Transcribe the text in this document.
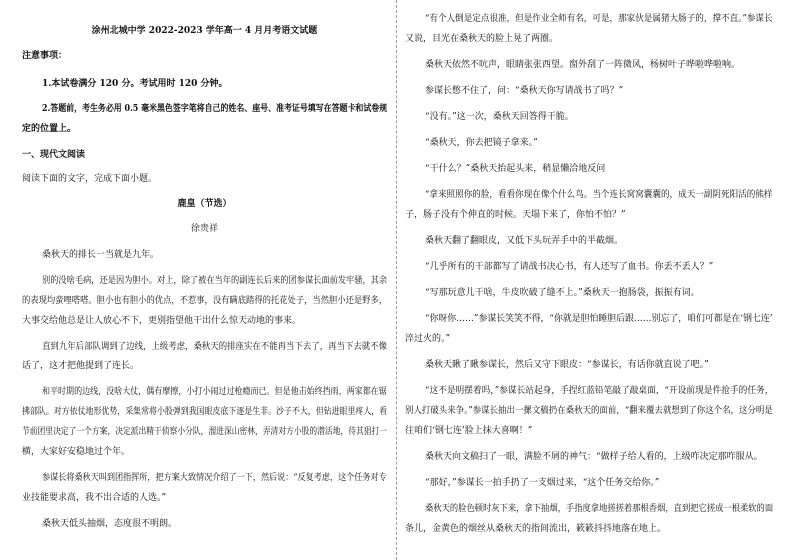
涂州北城中学 2022-2023 学年高一 4 月月考语文试题
注意事项：
1.本试卷满分 120 分。考试用时 120 分钟。
2.答题前，考生务必用 0.5 毫米黑色签字笔将自己的姓名、座号、准考证号填写在答题卡和试卷规
定的位置上。
一、现代文阅读
阅读下面的文字，完成下面小题。
鹿皇（节选）
徐贵祥
桑秋天的排长一当就是九年。
别的没啥毛病，还是因为胆小。对上，除了被在当年的副连长后来的团参谋长面前发牢骚，其余
的表现均蛮哩嗒嗒。胆小也有胆小的优点，不惹事，没有瞒底踏得的托花处子，当然胆小还是野多，
大事交给他总是让人放心不下，更别指望他干出什么惊天动地的事来。
直到九年后部队调到了边线，上级考虑，桑秋天的排座实在不能再当下去了，再当下去就不像
话了，这才把他提到了连长。
和平时期的边线，没啥大仗，偶有摩擦，小打小闹过过枪瘾而已。但是他击始终挡雨，两家都在锯
拂部队。对方依仗地形优势，采集常将小股弹到我国眼皮底下逐是生非。沙子不大，但钻进眼里疼人，看
节前团里决定了一个方案，决定派出精干侦察小分队，溜进深山密林，弄清对方小股的潜活地，待其猖打一
横，大家好安稳地过个年。
参谋长将桑秋天叫到团指挥所，把方案大致情况介绍了一下，然后说：“反复考虑，这个任务对专
业技能要求高，我不出合适的人选。”
桑秋天低头抽烟，态度很不明朗。
“有个人倒是定点很准，但是作业全师有名，可是，那家伙是属猪大肠子的，撑不直。”参谋长
又说，目光在桑秋天的脸上晃了两圈。
桑秋天依然不吭声，眼睛张张西望。窗外刮了一阵微风，杨树叶子哗啦哗啦响。
参谋长憋不住了，问：“桑秋天你写请战书了吗？”
“没有。”这一次，桑秋天回答得干脆。
“桑秋天，你去把镜子拿来。”
“干什么？”桑秋天抬起头来，稍显懒洽地反问
“拿来照照你的脸，看看你现在像个什么鸟。当个连长窝窝囊囊的，成天一副阴死阳活的熊样
子，肠子没有个伸直的时候。天塌下来了，你怕不怕？”
桑秋天翻了翻眼皮，又低下头玩弄手中的半截烟。
“几乎所有的干部都写了请战书决心书，有人还写了血书。你丢不丢人？”
“写那玩意儿干啥，牛皮吹破了缝不上。”桑秋天一抱肠袋，振振有词。
“你呀你……”参谋长笑笑不得，“你就是胆怕睡胆后跟……别忘了，咱们可都是在‘钢七连’
淬过火的。”
桑秋天瞅了瞅参谋长，然后又守下眼皮：“参谋长，有话你就直说了吧。”
“这不是明摆着吗，”参谋长站起身，手捏红蓝铅笔敲了敲桌面，“开设前现是件抢手的任务，
别人打破头来争。”参谋长抽出一摞文稿扔在桑秋天的面前，“翻来覆去就想到了你这个名，这分明是
往咱们‘钢七连’脸上抹大喜啊！”
桑秋天向文稿扫了一眼，满脸不屑的神气：“做样子给人看的，上级咋决定那咋服从。
“那好，”参谋长一拍手扔了一支烟过来，“这个任务交给你。”
桑秋天的脸色顿时灰下来，拿下抽烟，手指度拿地搓搓着那根香烟，直到把它搓成一根柔软的面
条儿，金黄色的烟丝从桑秋天的指间流出，簌簌抖抖地落在地上。
